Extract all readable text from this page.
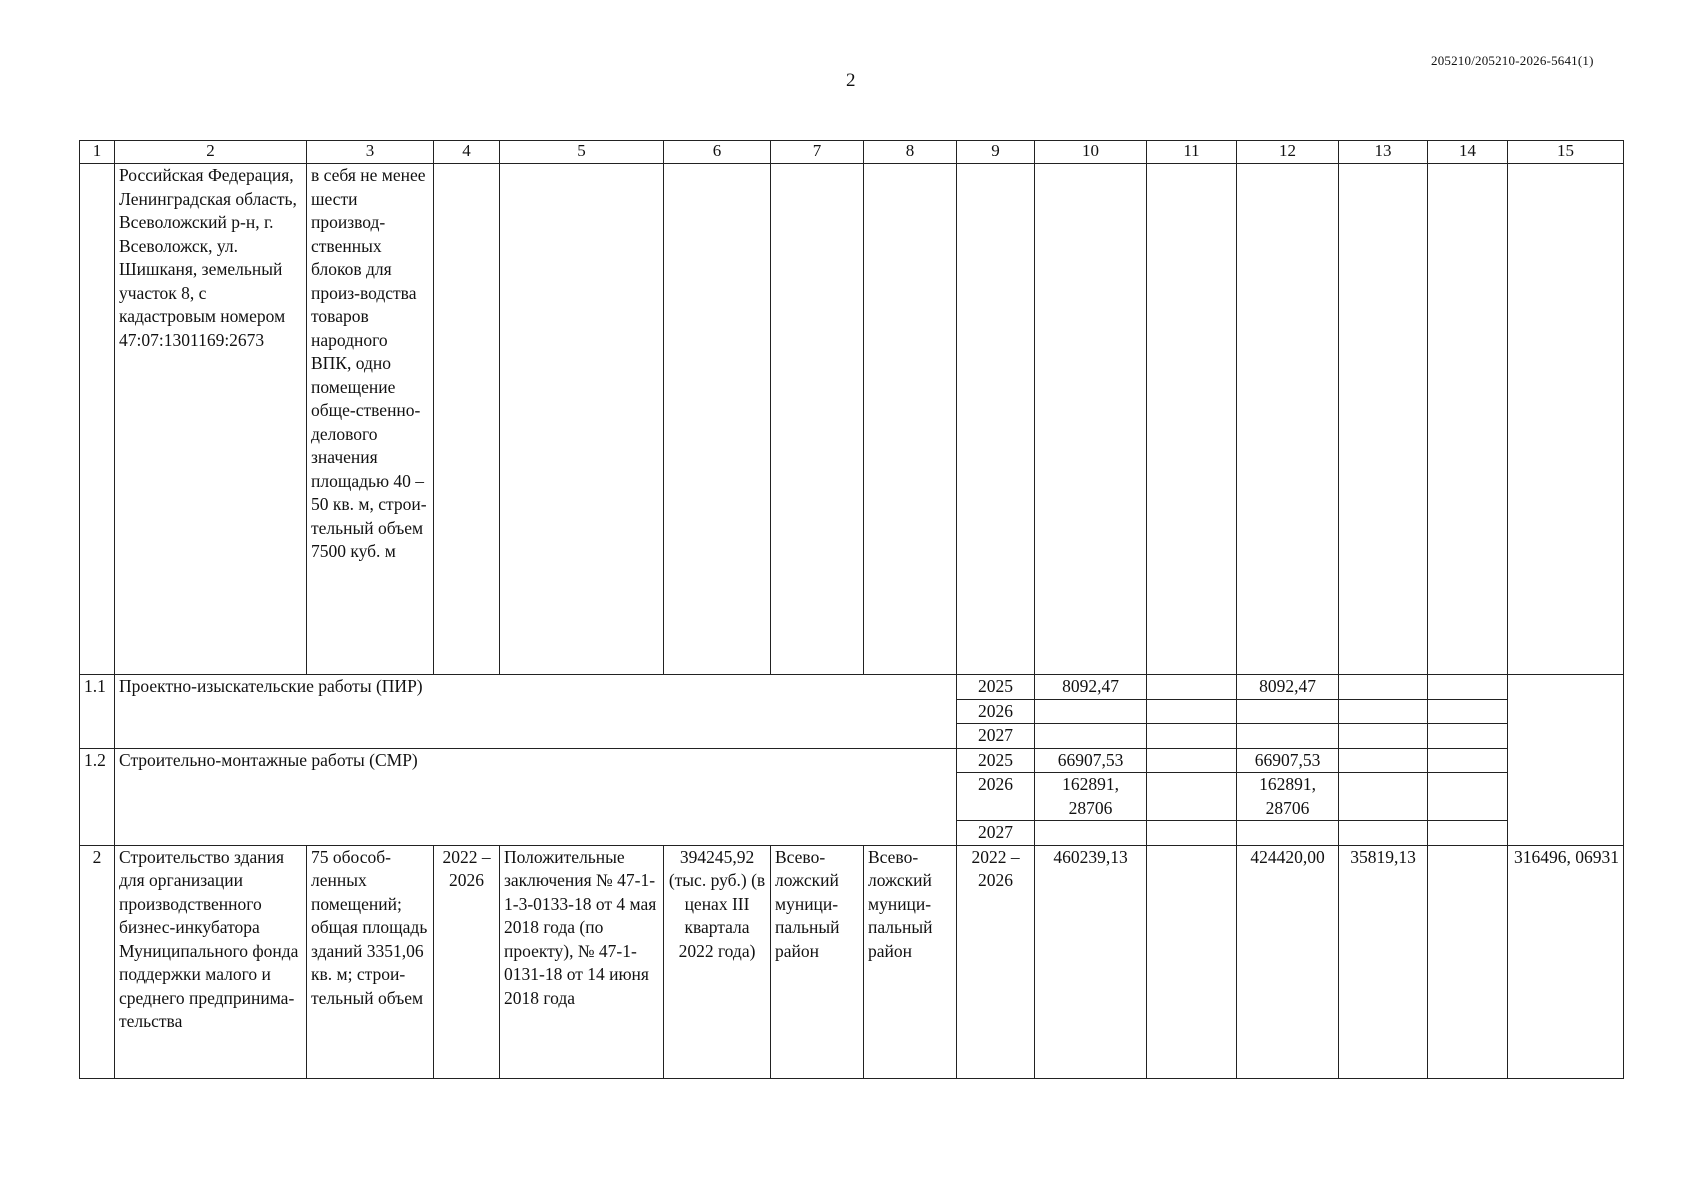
2
205210/205210-2026-5641(1)
1	2	3	4	5	6	7	8	9	10	11	12	13	14	15
	Российская Федерация, Ленинградская область, Всеволожский р-н, г. Всеволожск, ул. Шишканя, земельный участок 8, с кадастровым номером 47:07:1301169:2673	в себя не менее шести производ-ственных блоков для произ-водства товаров народного ВПК, одно помещение обще-ственно-делового значения площадью 40 – 50 кв. м, строи-тельный объем 7500 куб. м												
1.1	Проектно-изыскательские работы (ПИР)							2025	8092,47		8092,47			
								2026						
								2027						
1.2	Строительно-монтажные работы (СМР)							2025	66907,53		66907,53			
								2026	162891, 28706		162891, 28706			
								2027						
2	Строительство здания для организации производственного бизнес-инкубатора Муниципального фонда поддержки малого и среднего предпринима-тельства	75 обособ-ленных помещений; общая площадь зданий 3351,06 кв. м; строи-тельный объем	2022 – 2026	Положительные заключения № 47-1-1-3-0133-18 от 4 мая 2018 года (по проекту), № 47-1-0131-18 от 14 июня 2018 года	394245,92 (тыс. руб.) (в ценах III квартала 2022 года)	Всево-ложский муници-пальный район	Всево-ложский муници-пальный район	2022 – 2026	460239,13		424420,00	35819,13		316496, 06931
